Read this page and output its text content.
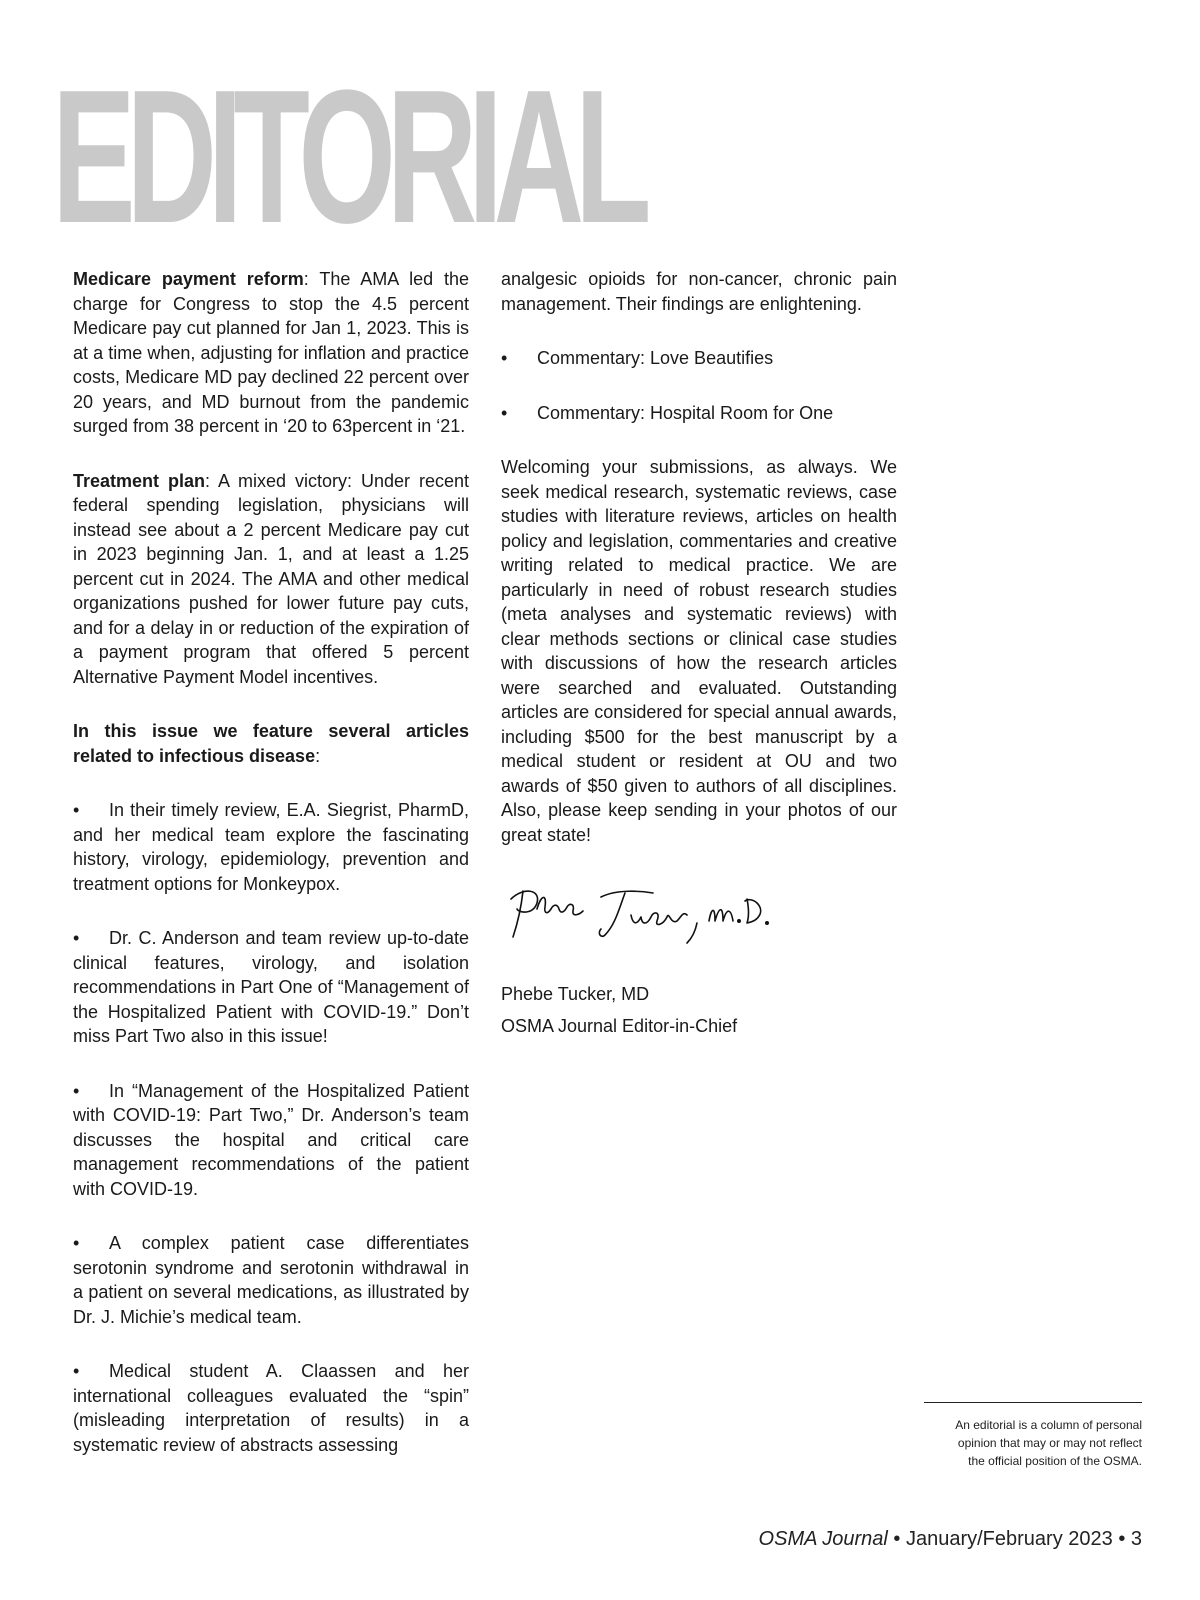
EDITORIAL

Medicare payment reform: The AMA led the charge for Congress to stop the 4.5 percent Medicare pay cut planned for Jan 1, 2023. This is at a time when, adjusting for inflation and practice costs, Medicare MD pay declined 22 percent over 20 years, and MD burnout from the pandemic surged from 38 percent in ‘20 to 63percent in ‘21.

Treatment plan: A mixed victory: Under recent federal spending legislation, physicians will instead see about a 2 percent Medicare pay cut in 2023 beginning Jan. 1, and at least a 1.25 percent cut in 2024. The AMA and other medical organizations pushed for lower future pay cuts, and for a delay in or reduction of the expiration of a payment program that offered 5 percent Alternative Payment Model incentives.

In this issue we feature several articles related to infectious disease:

• In their timely review, E.A. Siegrist, PharmD, and her medical team explore the fascinating history, virology, epidemiology, prevention and treatment options for Monkeypox.

• Dr. C. Anderson and team review up-to-date clinical features, virology, and isolation recommendations in Part One of “Management of the Hospitalized Patient with COVID-19.” Don’t miss Part Two also in this issue!

• In “Management of the Hospitalized Patient with COVID-19: Part Two,” Dr. Anderson’s team discusses the hospital and critical care management recommendations of the patient with COVID-19.

• A complex patient case differentiates serotonin syndrome and serotonin withdrawal in a patient on several medications, as illustrated by Dr. J. Michie’s medical team.

• Medical student A. Claassen and her international colleagues evaluated the “spin” (misleading interpretation of results) in a systematic review of abstracts assessing

analgesic opioids for non-cancer, chronic pain management. Their findings are enlightening.

• Commentary: Love Beautifies
• Commentary: Hospital Room for One

Welcoming your submissions, as always. We seek medical research, systematic reviews, case studies with literature reviews, articles on health policy and legislation, commentaries and creative writing related to medical practice. We are particularly in need of robust research studies (meta analyses and systematic reviews) with clear methods sections or clinical case studies with discussions of how the research articles were searched and evaluated. Outstanding articles are considered for special annual awards, including $500 for the best manuscript by a medical student or resident at OU and two awards of $50 given to authors of all disciplines. Also, please keep sending in your photos of our great state!

Phebe Tucker, MD
OSMA Journal Editor-in-Chief
An editorial is a column of personal
opinion that may or may not reflect
the official position of the OSMA.
OSMA Journal • January/February 2023 • 3
